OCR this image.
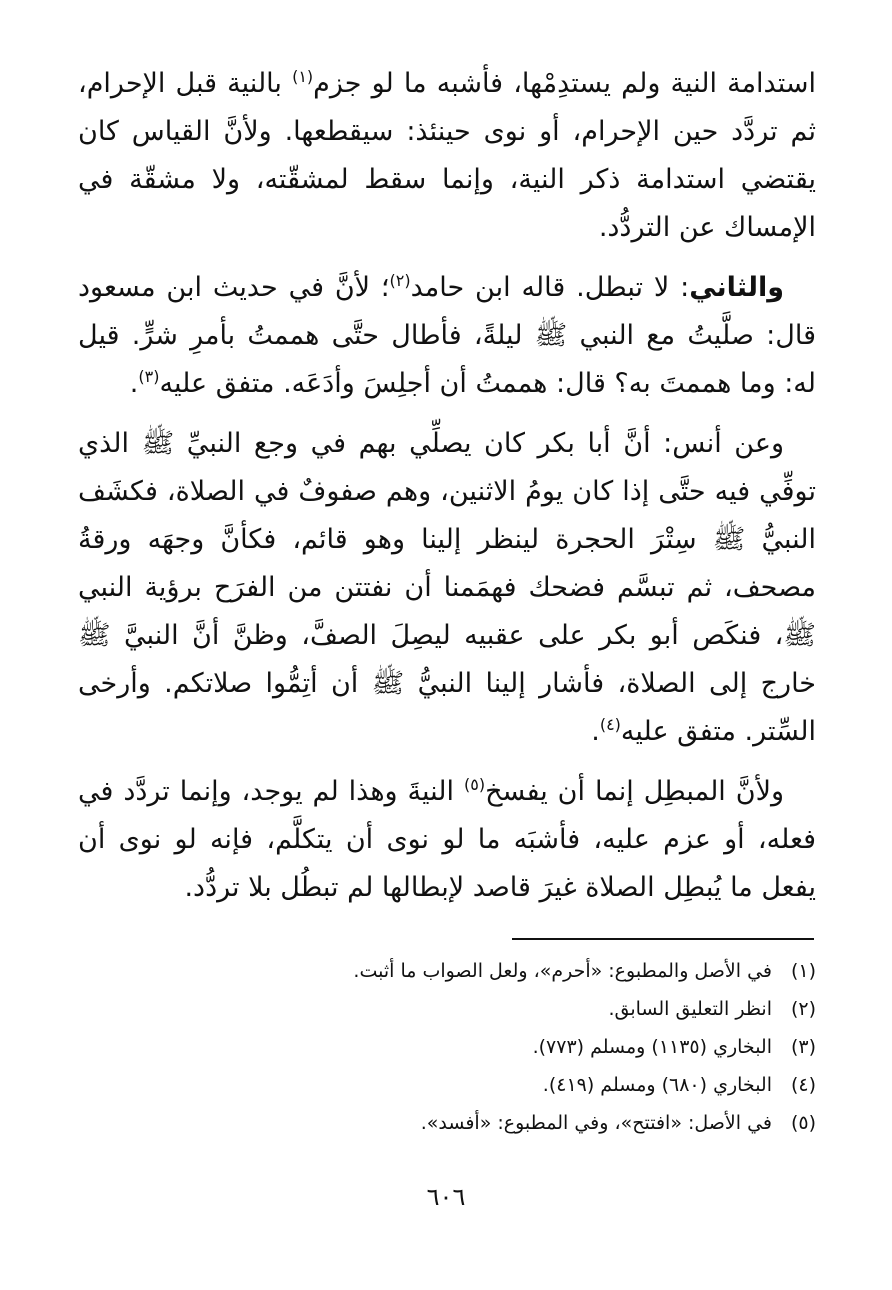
استدامة النية ولم يستدِمْها، فأشبه ما لو جزم$^{(١)}$ بالنية قبل الإحرام، ثم تردَّد حين الإحرام، أو نوى حينئذ: سيقطعها. ولأنَّ القياس كان يقتضي استدامة ذكر النية، وإنما سقط لمشقّته، ولا مشقّة في الإمساك عن التردُّد.

والثاني: لا تبطل. قاله ابن حامد$^{(٢)}$؛ لأنَّ في حديث ابن مسعود قال: صلَّيتُ مع النبي ﷺ ليلةً، فأطال حتَّى هممتُ بأمرِ شرٍّ. قيل له: وما هممتَ به؟ قال: هممتُ أن أجلِسَ وأدَعَه. متفق عليه$^{(٣)}$.

وعن أنس: أنَّ أبا بكر كان يصلِّي بهم في وجع النبيِّ ﷺ الذي توفِّي فيه حتَّى إذا كان يومُ الاثنين، وهم صفوفٌ في الصلاة، فكشَف النبيُّ ﷺ سِتْرَ الحجرة لينظر إلينا وهو قائم، فكأنَّ وجهَه ورقةُ مصحف، ثم تبسَّم فضحك فهمَمنا أن نفتتن من الفرَح برؤية النبي ﷺ، فنكَص أبو بكر على عقبيه ليصِلَ الصفَّ، وظنَّ أنَّ النبيَّ ﷺ خارج إلى الصلاة، فأشار إلينا النبيُّ ﷺ أن أتِمُّوا صلاتكم. وأرخى السِّتر. متفق عليه$^{(٤)}$.

ولأنَّ المبطِل إنما أن يفسخ$^{(٥)}$ النيةَ وهذا لم يوجد، وإنما تردَّد في فعله، أو عزم عليه، فأشبَه ما لو نوى أن يتكلَّم، فإنه لو نوى أن يفعل ما يُبطِل الصلاة غيرَ قاصد لإبطالها لم تبطُل بلا تردُّد.

(١)في الأصل والمطبوع: «أحرم»، ولعل الصواب ما أثبت.
(٢)انظر التعليق السابق.
(٣)البخاري (١١٣٥) ومسلم (٧٧٣).
(٤)البخاري (٦٨٠) ومسلم (٤١٩).
(٥)في الأصل: «افتتح»، وفي المطبوع: «أفسد».
٦٠٦
